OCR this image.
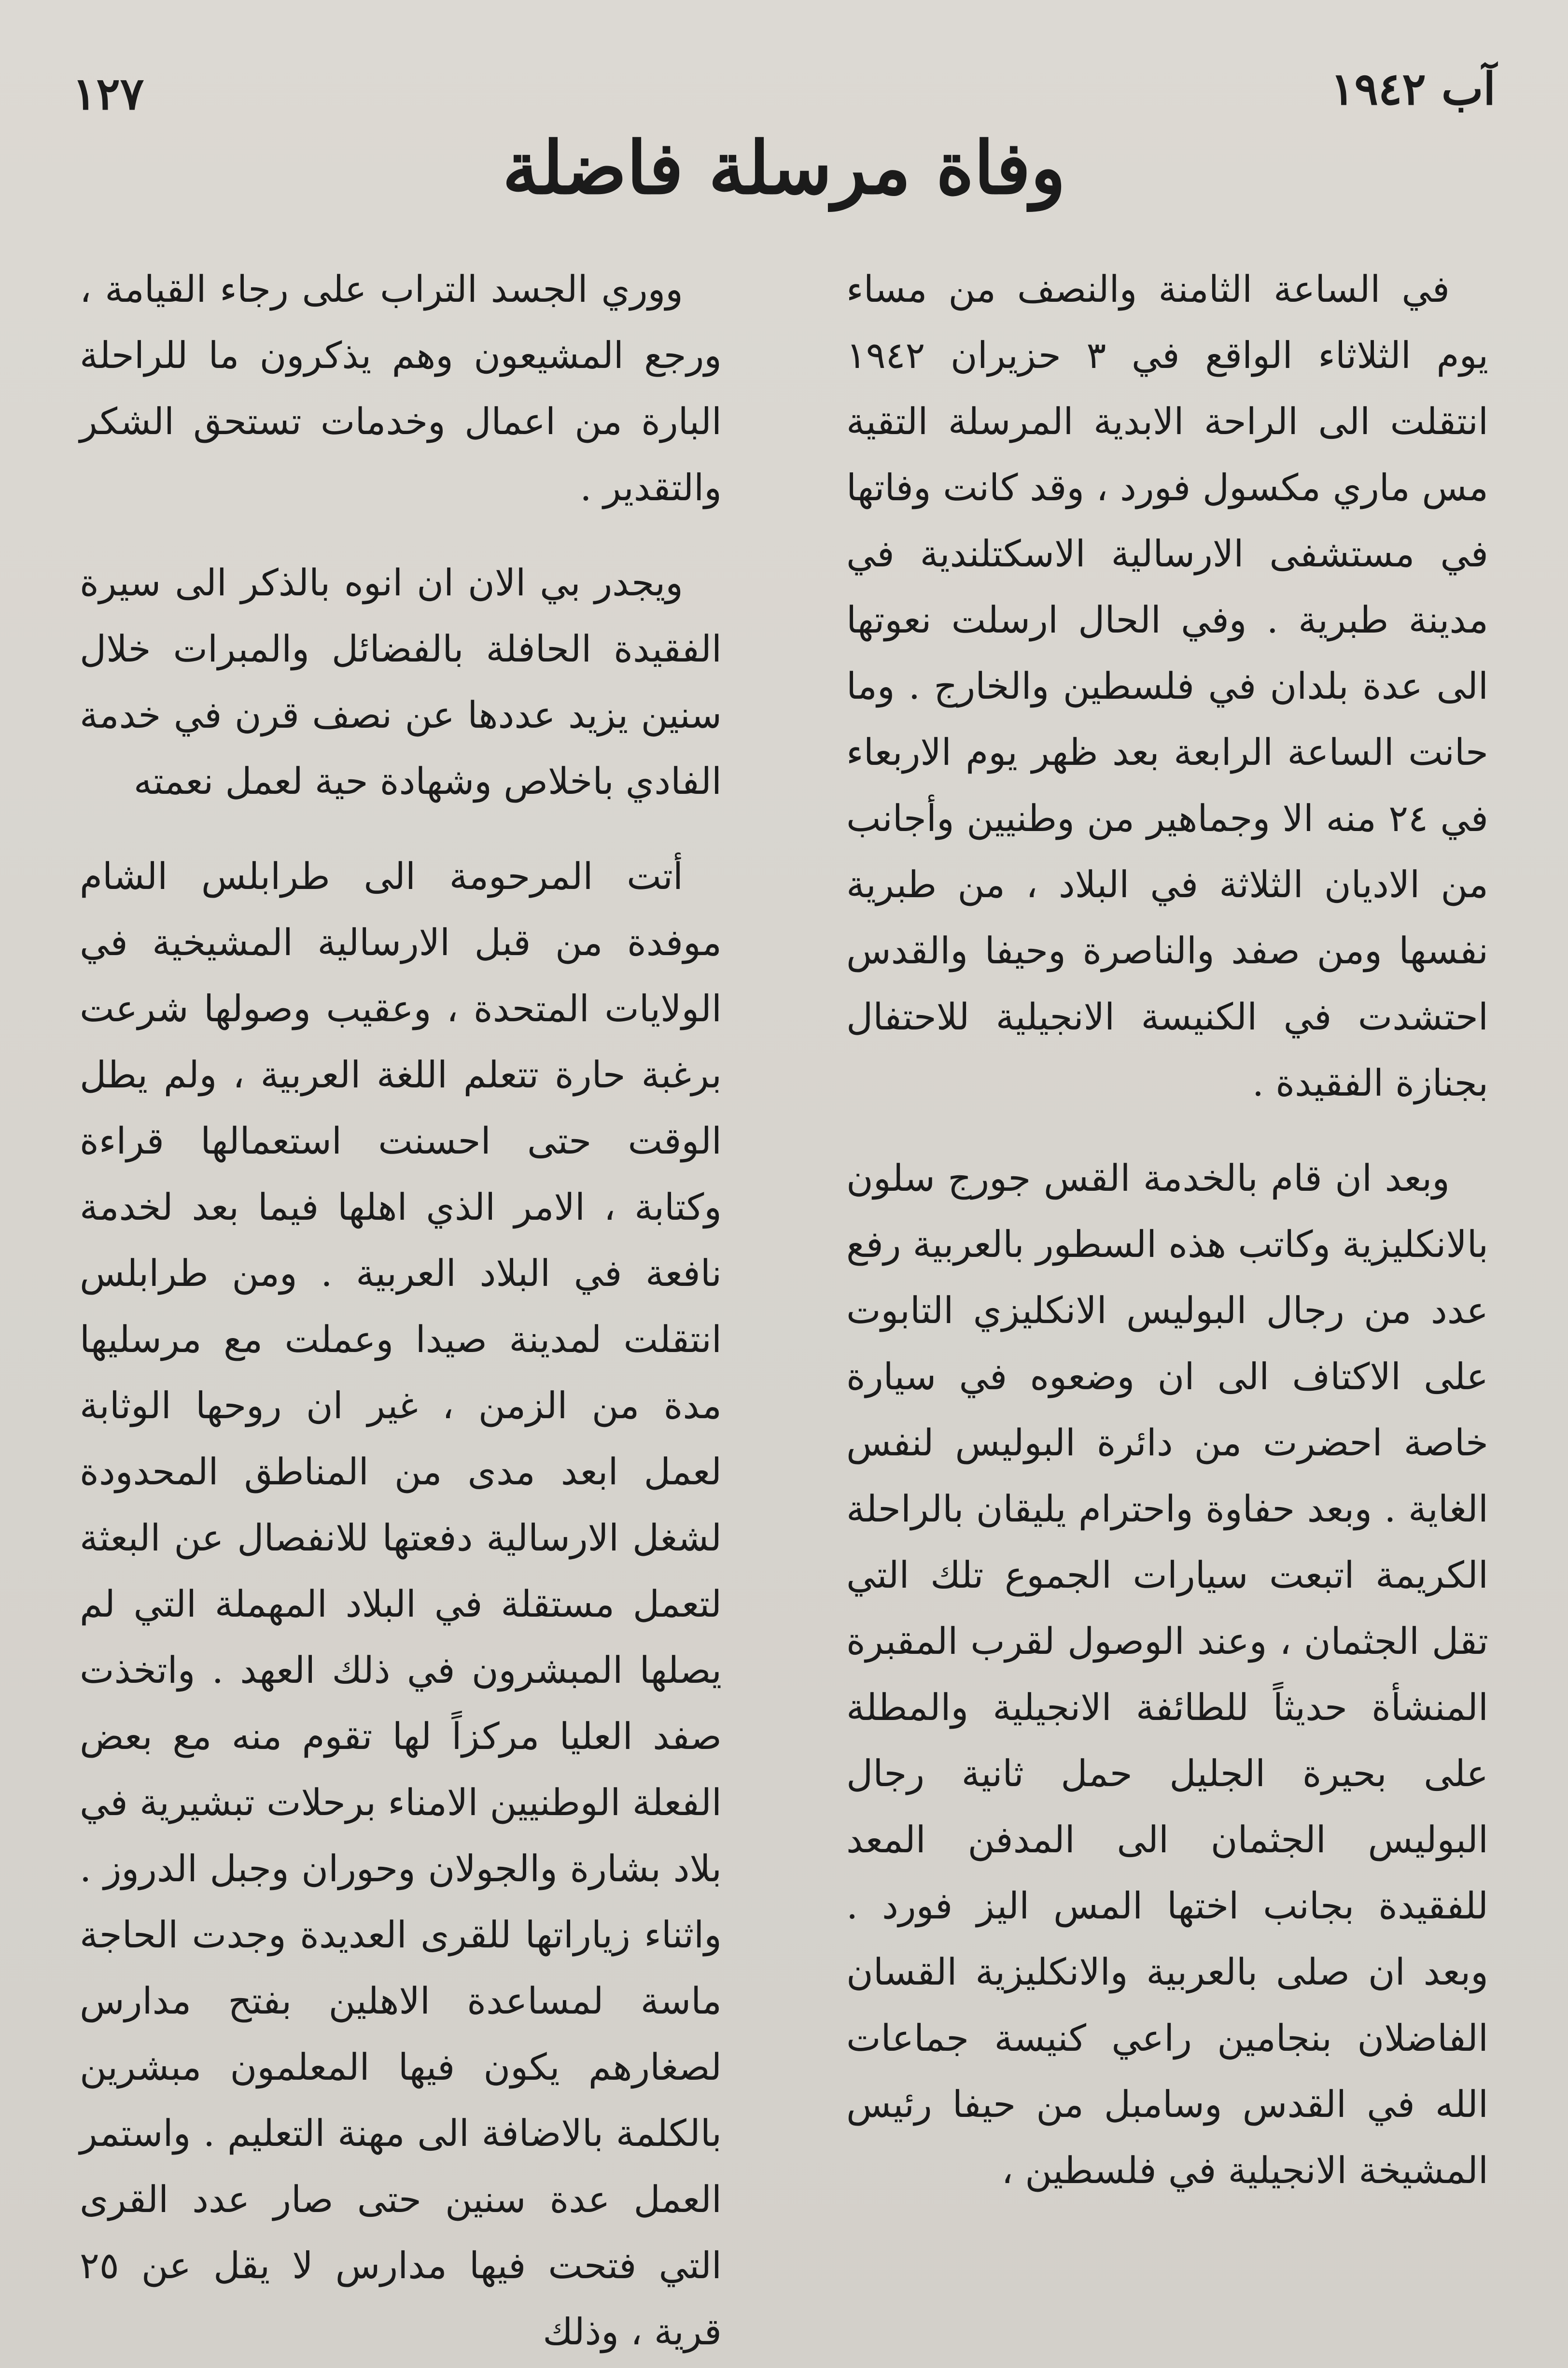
آب ١٩٤٢
١٢٧
وفاة مرسلة فاضلة

في الساعة الثامنة والنصف من مساء يوم الثلاثاء الواقع في ٣ حزيران ١٩٤٢ انتقلت الى الراحة الابدية المرسلة التقية مس ماري مكسول فورد ، وقد كانت وفاتها في مستشفى الارسالية الاسكتلندية في مدينة طبرية . وفي الحال ارسلت نعوتها الى عدة بلدان في فلسطين والخارج . وما حانت الساعة الرابعة بعد ظهر يوم الاربعاء في ٢٤ منه الا وجماهير من وطنيين وأجانب من الاديان الثلاثة في البلاد ، من طبرية نفسها ومن صفد والناصرة وحيفا والقدس احتشدت في الكنيسة الانجيلية للاحتفال بجنازة الفقيدة .

وبعد ان قام بالخدمة القس جورج سلون بالانكليزية وكاتب هذه السطور بالعربية رفع عدد من رجال البوليس الانكليزي التابوت على الاكتاف الى ان وضعوه في سيارة خاصة احضرت من دائرة البوليس لنفس الغاية . وبعد حفاوة واحترام يليقان بالراحلة الكريمة اتبعت سيارات الجموع تلك التي تقل الجثمان ، وعند الوصول لقرب المقبرة المنشأة حديثاً للطائفة الانجيلية والمطلة على بحيرة الجليل حمل ثانية رجال البوليس الجثمان الى المدفن المعد للفقيدة بجانب اختها المس اليز فورد . وبعد ان صلى بالعربية والانكليزية القسان الفاضلان بنجامين راعي كنيسة جماعات الله في القدس وسامبل من حيفا رئيس المشيخة الانجيلية في فلسطين ،

ووري الجسد التراب على رجاء القيامة ، ورجع المشيعون وهم يذكرون ما للراحلة البارة من اعمال وخدمات تستحق الشكر والتقدير .

ويجدر بي الان ان انوه بالذكر الى سيرة الفقيدة الحافلة بالفضائل والمبرات خلال سنين يزيد عددها عن نصف قرن في خدمة الفادي باخلاص وشهادة حية لعمل نعمته

أتت المرحومة الى طرابلس الشام موفدة من قبل الارسالية المشيخية في الولايات المتحدة ، وعقيب وصولها شرعت برغبة حارة تتعلم اللغة العربية ، ولم يطل الوقت حتى احسنت استعمالها قراءة وكتابة ، الامر الذي اهلها فيما بعد لخدمة نافعة في البلاد العربية . ومن طرابلس انتقلت لمدينة صيدا وعملت مع مرسليها مدة من الزمن ، غير ان روحها الوثابة لعمل ابعد مدى من المناطق المحدودة لشغل الارسالية دفعتها للانفصال عن البعثة لتعمل مستقلة في البلاد المهملة التي لم يصلها المبشرون في ذلك العهد . واتخذت صفد العليا مركزاً لها تقوم منه مع بعض الفعلة الوطنيين الامناء برحلات تبشيرية في بلاد بشارة والجولان وحوران وجبل الدروز . واثناء زياراتها للقرى العديدة وجدت الحاجة ماسة لمساعدة الاهلين بفتح مدارس لصغارهم يكون فيها المعلمون مبشرين بالكلمة بالاضافة الى مهنة التعليم . واستمر العمل عدة سنين حتى صار عدد القرى التي فتحت فيها مدارس لا يقل عن ٢٥ قرية ، وذلك
